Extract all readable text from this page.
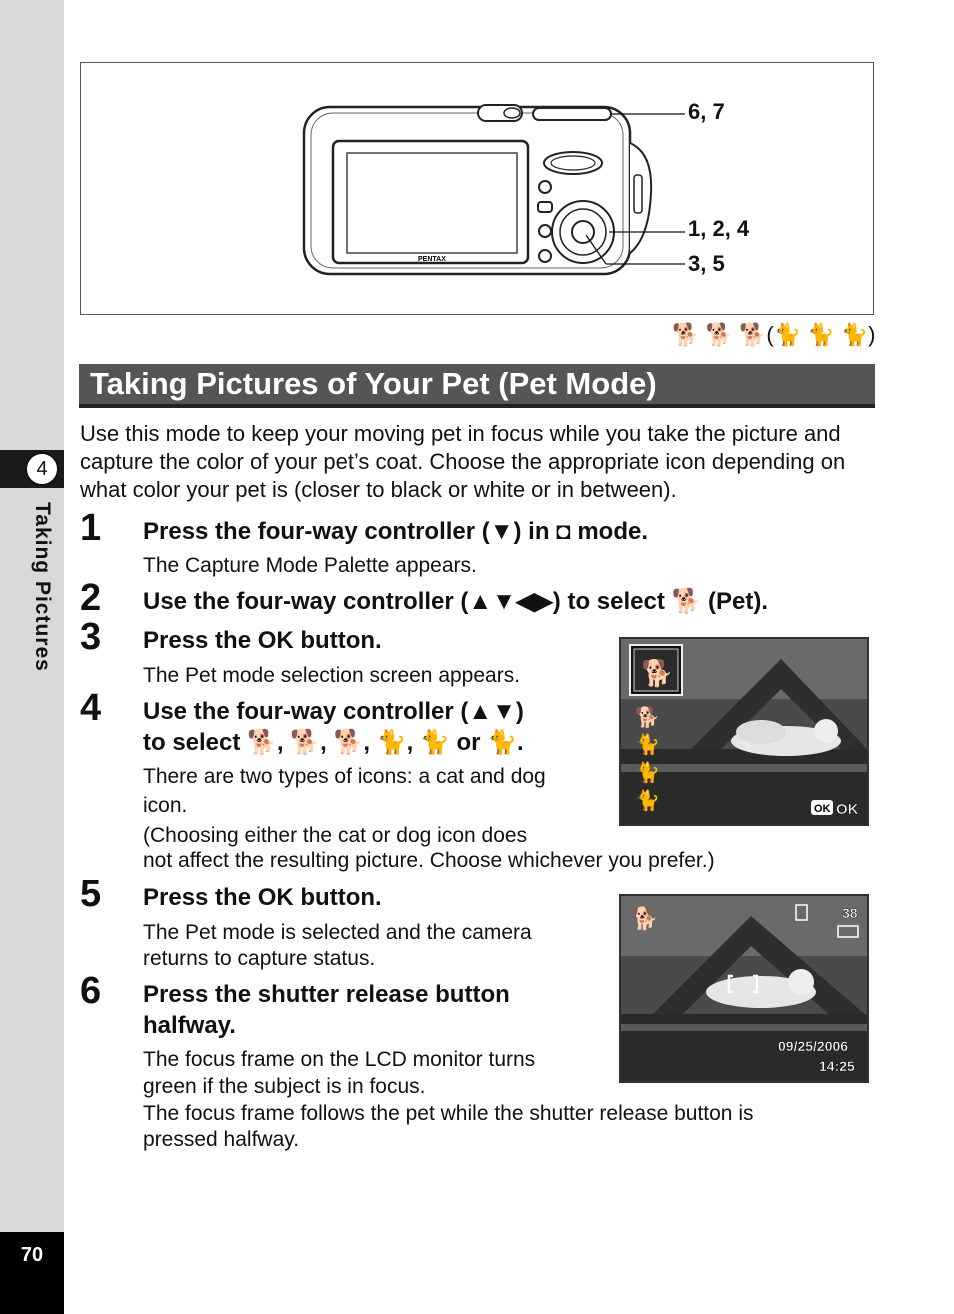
4
Taking Pictures
70
PENTAX
6, 7
1, 2, 4
3, 5
🐕 🐕 🐕(🐈 🐈 🐈)
Taking Pictures of Your Pet (Pet Mode)
Use this mode to keep your moving pet in focus while you take the picture and capture the color of your pet’s coat. Choose the appropriate icon depending on what color your pet is (closer to black or white or in between).
1 Press the four-way controller (▼) in ◘ mode.
The Capture Mode Palette appears.
2 Use the four-way controller (▲▼◀▶) to select 🐕 (Pet).
3 Press the OK button.
The Pet mode selection screen appears.
4 Use the four-way controller (▲▼)
to select 🐕, 🐕, 🐕, 🐈, 🐈 or 🐈.
There are two types of icons: a cat and dog
icon.
(Choosing either the cat or dog icon does
not affect the resulting picture. Choose whichever you prefer.)
5 Press the OK button.
The Pet mode is selected and the camera
returns to capture status.
6 Press the shutter release button
halfway.
The focus frame on the LCD monitor turns
green if the subject is in focus.
The focus frame follows the pet while the shutter release button is
pressed halfway.
🐕
🐕
🐈
🐈
🐈	OK OK
🐕	38
09/25/2006
14:25
